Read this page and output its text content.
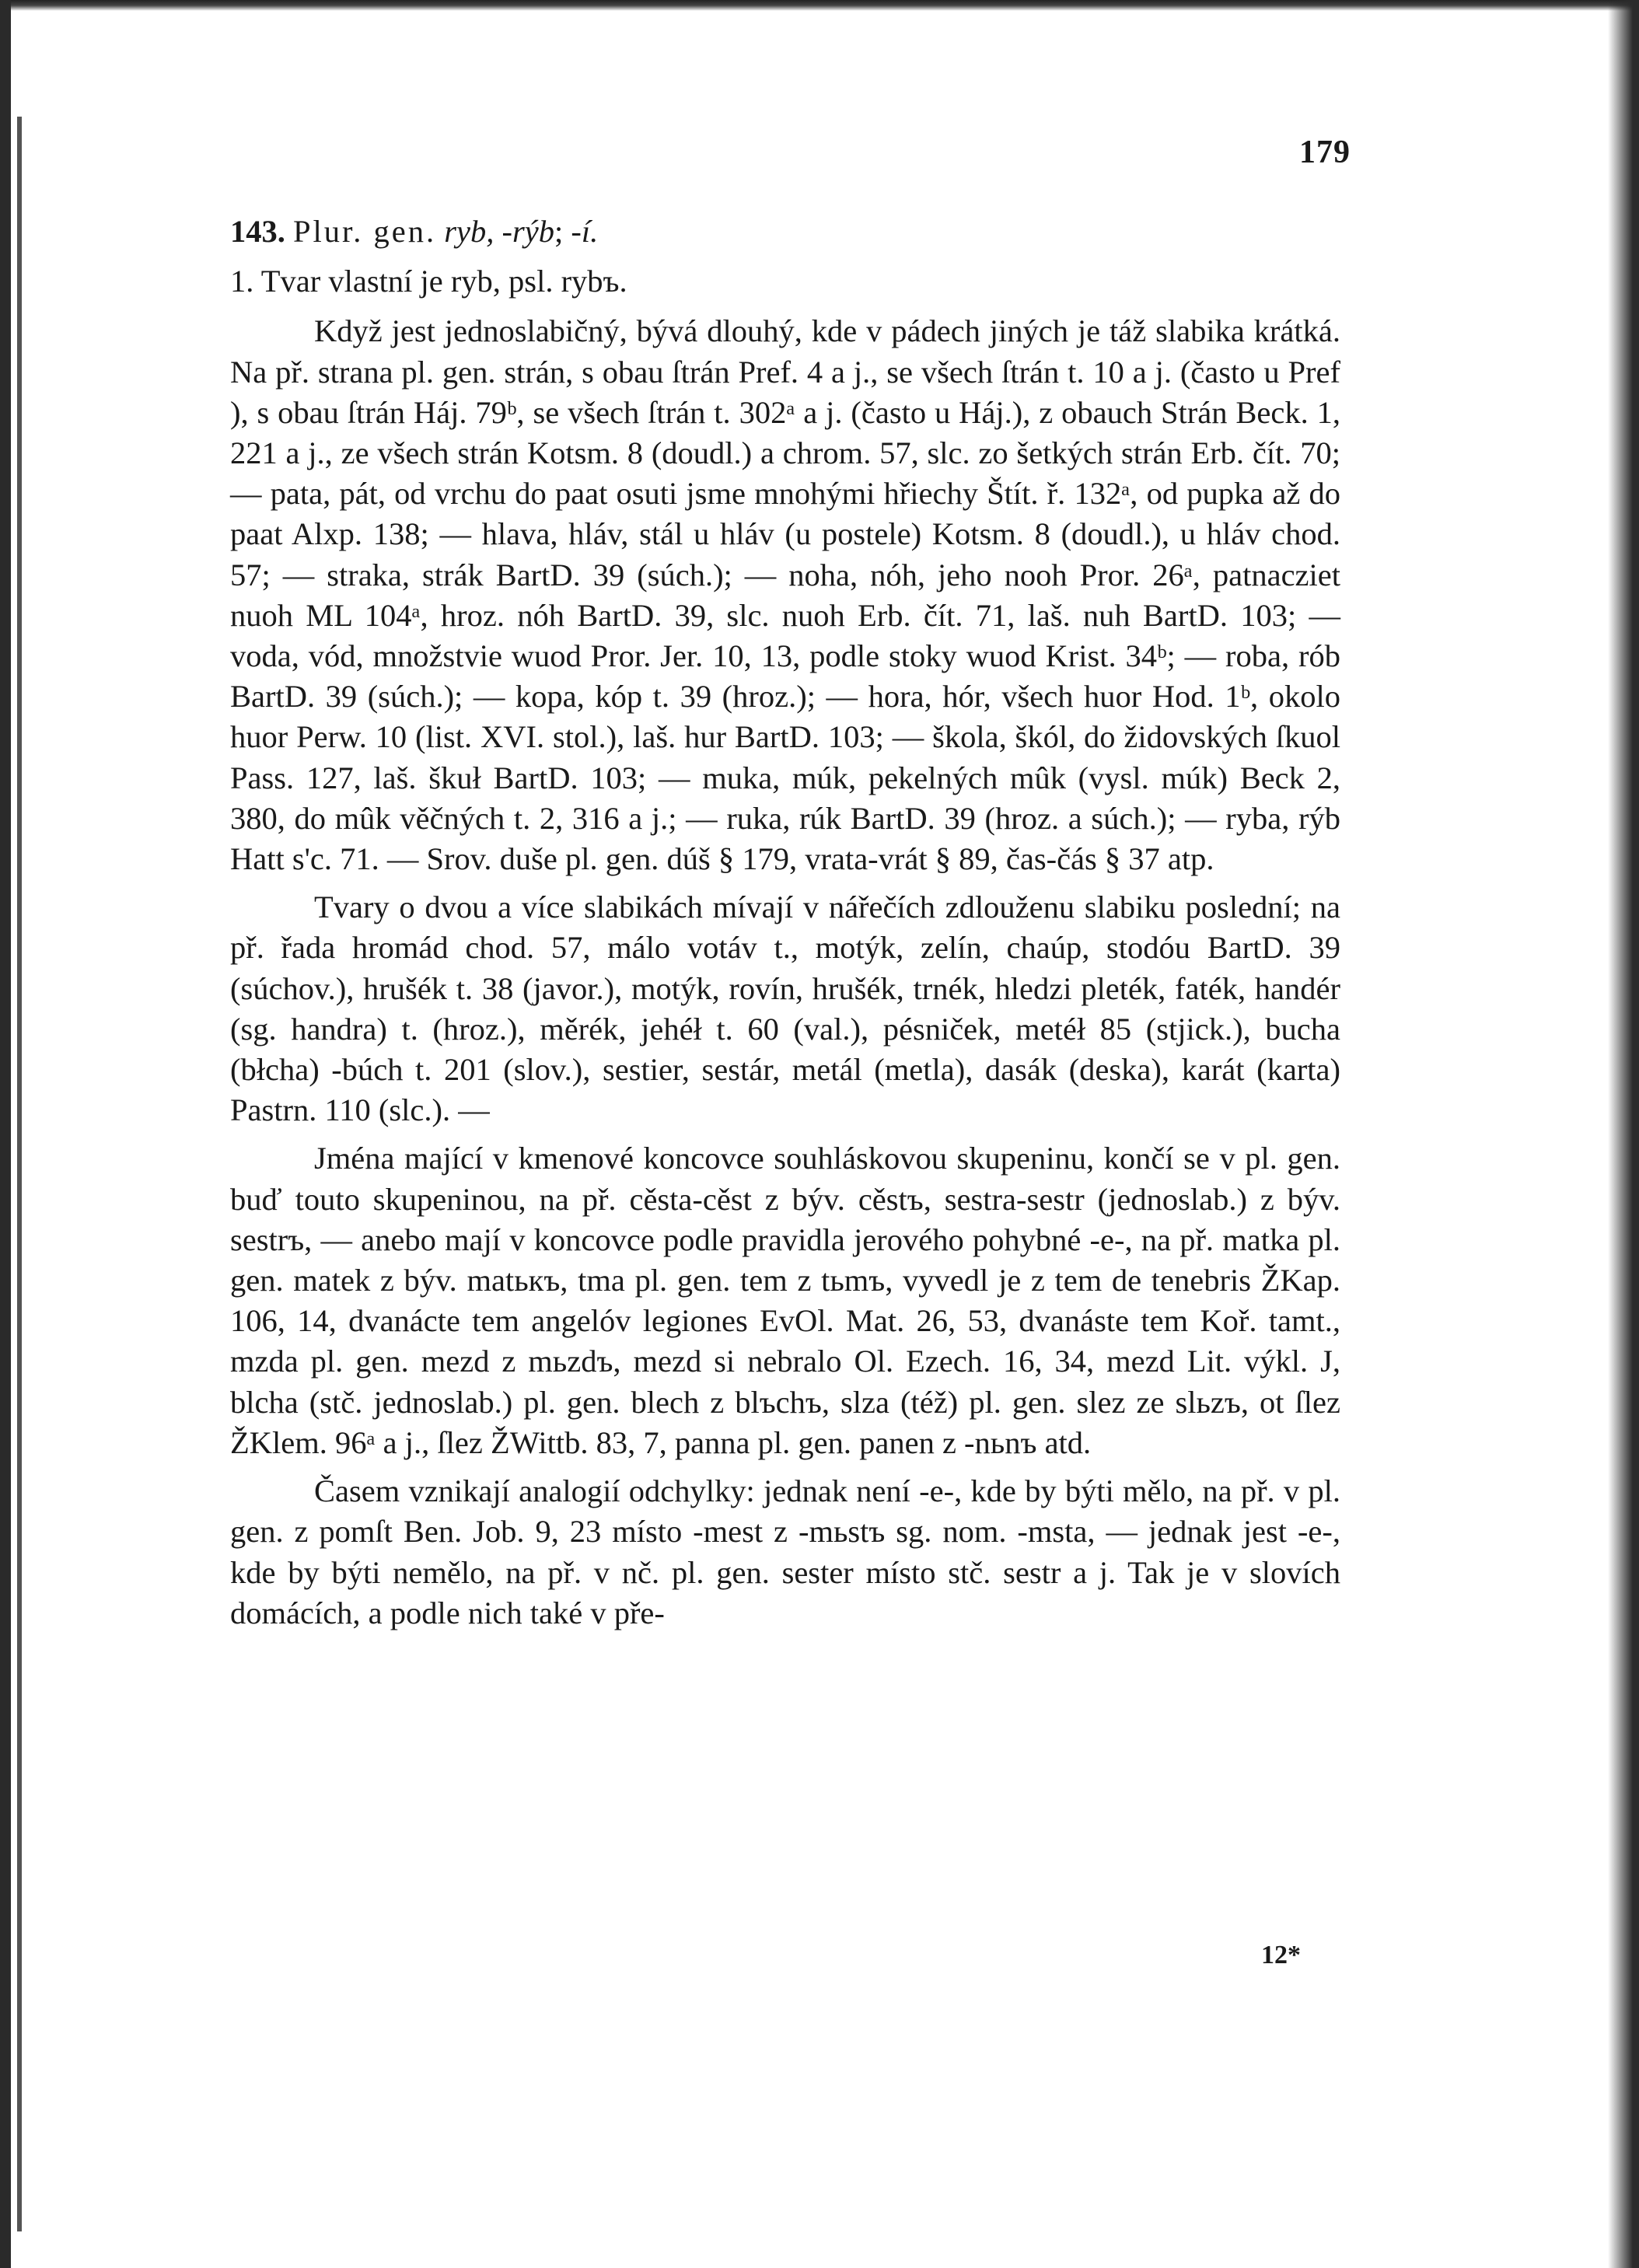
179

143. Plur. gen. ryb, -rýb; -í.

1. Tvar vlastní je ryb, psl. rybъ.

Když jest jednoslabičný, bývá dlouhý, kde v pádech jiných je táž slabika krátká. Na př. strana pl. gen. strán, s obau ſtrán Pref. 4 a j., se všech ſtrán t. 10 a j. (často u Pref ), s obau ſtrán Háj. 79ᵇ, se všech ſtrán t. 302ᵃ a j. (často u Háj.), z obauch Strán Beck. 1, 221 a j., ze všech strán Kotsm. 8 (doudl.) a chrom. 57, slc. zo šetkých strán Erb. čít. 70; — pata, pát, od vrchu do paat osuti jsme mnohými hřiechy Štít. ř. 132ᵃ, od pupka až do paat Alxp. 138; — hlava, hláv, stál u hláv (u postele) Kotsm. 8 (doudl.), u hláv chod. 57; — straka, strák BartD. 39 (súch.); — noha, nóh, jeho nooh Pror. 26ᵃ, patnacziet nuoh ML 104ᵃ, hroz. nóh BartD. 39, slc. nuoh Erb. čít. 71, laš. nuh BartD. 103; — voda, vód, množstvie wuod Pror. Jer. 10, 13, podle stoky wuod Krist. 34ᵇ; — roba, rób BartD. 39 (súch.); — kopa, kóp t. 39 (hroz.); — hora, hór, všech huor Hod. 1ᵇ, okolo huor Perw. 10 (list. XVI. stol.), laš. hur BartD. 103; — škola, škól, do židovských ſkuol Pass. 127, laš. škuł BartD. 103; — muka, múk, pekelných mûk (vysl. múk) Beck 2, 380, do mûk věčných t. 2, 316 a j.; — ruka, rúk BartD. 39 (hroz. a súch.); — ryba, rýb Hatt s'c. 71. — Srov. duše pl. gen. dúš § 179, vrata-vrát § 89, čas-čás § 37 atp.

Tvary o dvou a více slabikách mívají v nářečích zdlouženu slabiku poslední; na př. řada hromád chod. 57, málo votáv t., motýk, zelín, chaúp, stodóu BartD. 39 (súchov.), hrušék t. 38 (javor.), motýk, rovín, hrušék, trnék, hledzi pleték, faték, handér (sg. handra) t. (hroz.), měrék, jehéł t. 60 (val.), pésniček, metéł 85 (stjick.), bucha (błcha) -búch t. 201 (slov.), sestier, sestár, metál (metla), dasák (deska), karát (karta) Pastrn. 110 (slc.). —

Jména mající v kmenové koncovce souhláskovou skupeninu, končí se v pl. gen. buď touto skupeninou, na př. cěsta-cěst z býv. cěstъ, sestra-sestr (jednoslab.) z býv. sestrъ, — anebo mají v koncovce podle pravidla jerového pohybné -e-, na př. matka pl. gen. matek z býv. matькъ, tma pl. gen. tem z tьmъ, vyvedl je z tem de tenebris ŽKap. 106, 14, dvanácte tem angelóv legiones EvOl. Mat. 26, 53, dvanáste tem Koř. tamt., mzda pl. gen. mezd z mьzdъ, mezd si nebralo Ol. Ezech. 16, 34, mezd Lit. výkl. J, blcha (stč. jednoslab.) pl. gen. blech z blъchъ, slza (též) pl. gen. slez ze slьzъ, ot ſlez ŽKlem. 96ᵃ a j., ſlez ŽWittb. 83, 7, panna pl. gen. panen z -nьnъ atd.

Časem vznikají analogií odchylky: jednak není -e-, kde by býti mělo, na př. v pl. gen. z pomſt Ben. Job. 9, 23 místo -mest z -mьstъ sg. nom. -msta, — jednak jest -e-, kde by býti nemělo, na př. v nč. pl. gen. sester místo stč. sestr a j. Tak je v slovích domácích, a podle nich také v pře-

12*
